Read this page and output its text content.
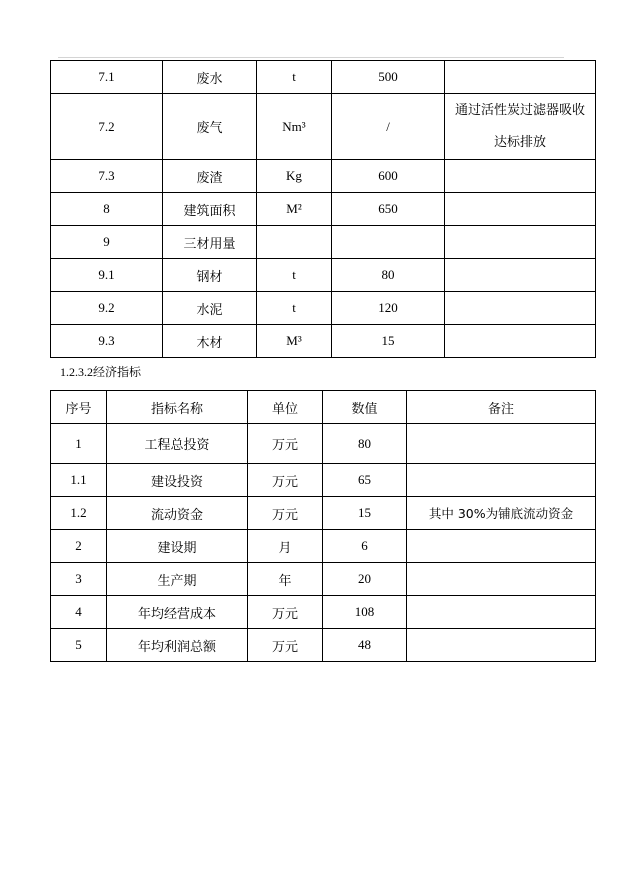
7.1	废水	t	500	
7.2	废气	Nm³	/	通过活性炭过滤器吸收达标排放
7.3	废渣	Kg	600	
8	建筑面积	M²	650	
9	三材用量			
9.1	钢材	t	80	
9.2	水泥	t	120	
9.3	木材	M³	15	
1.2.3.2经济指标
序号	指标名称	单位	数值	备注
1	工程总投资	万元	80	
1.1	建设投资	万元	65	
1.2	流动资金	万元	15	其中 30%为铺底流动资金
2	建设期	月	6	
3	生产期	年	20	
4	年均经营成本	万元	108	
5	年均利润总额	万元	48	
